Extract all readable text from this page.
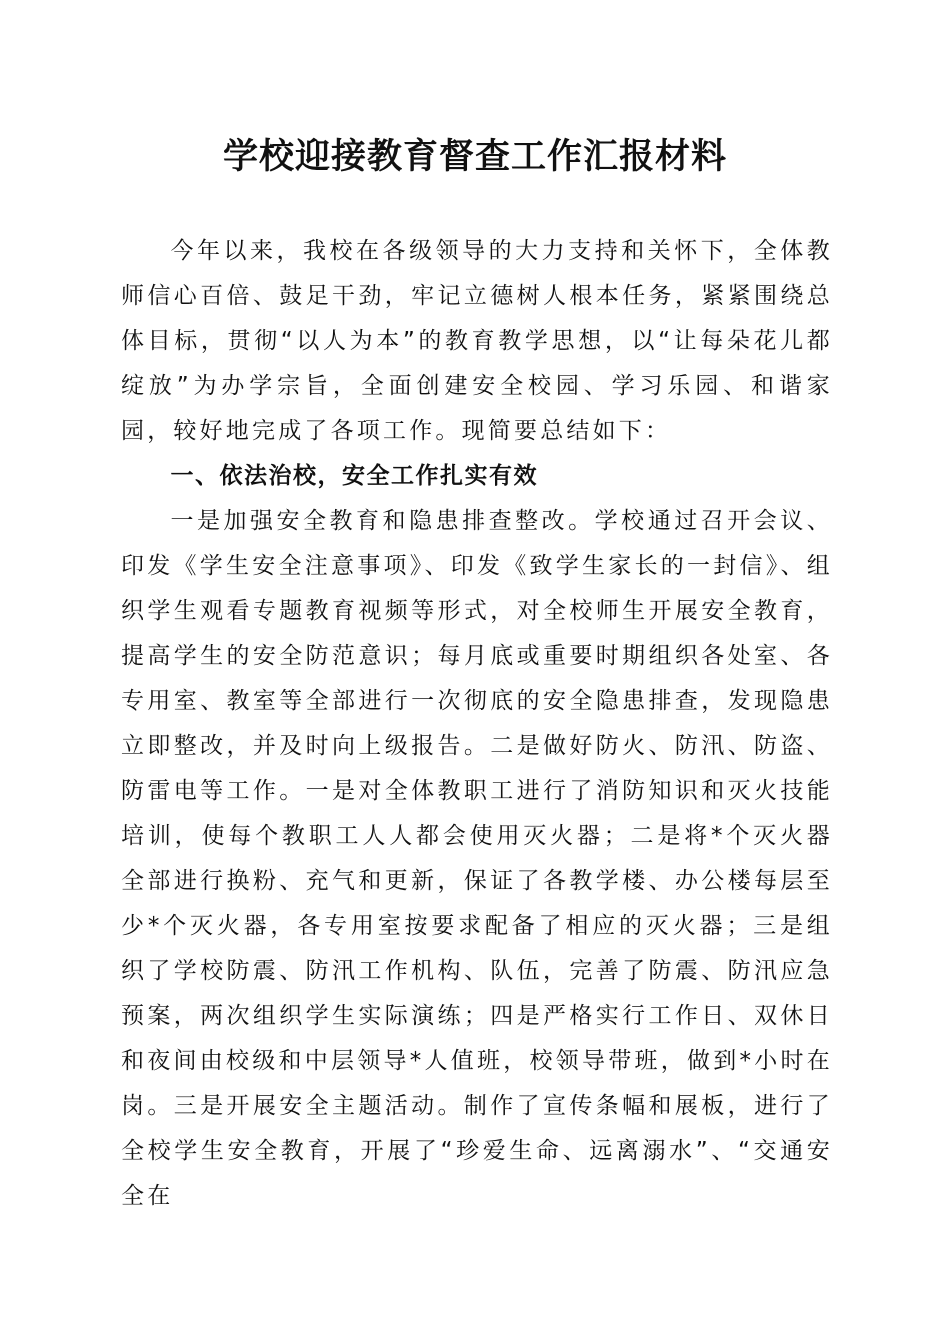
学校迎接教育督查工作汇报材料

今年以来，我校在各级领导的大力支持和关怀下，全体教师信心百倍、鼓足干劲，牢记立德树人根本任务，紧紧围绕总体目标，贯彻“以人为本”的教育教学思想，以“让每朵花儿都绽放”为办学宗旨，全面创建安全校园、学习乐园、和谐家园，较好地完成了各项工作。现简要总结如下：

一、依法治校，安全工作扎实有效

一是加强安全教育和隐患排查整改。学校通过召开会议、印发《学生安全注意事项》、印发《致学生家长的一封信》、组织学生观看专题教育视频等形式，对全校师生开展安全教育，提高学生的安全防范意识；每月底或重要时期组织各处室、各专用室、教室等全部进行一次彻底的安全隐患排查，发现隐患立即整改，并及时向上级报告。二是做好防火、防汛、防盗、防雷电等工作。一是对全体教职工进行了消防知识和灭火技能培训，使每个教职工人人都会使用灭火器；二是将*个灭火器全部进行换粉、充气和更新，保证了各教学楼、办公楼每层至少*个灭火器，各专用室按要求配备了相应的灭火器；三是组织了学校防震、防汛工作机构、队伍，完善了防震、防汛应急预案，两次组织学生实际演练；四是严格实行工作日、双休日和夜间由校级和中层领导*人值班，校领导带班，做到*小时在岗。三是开展安全主题活动。制作了宣传条幅和展板，进行了全校学生安全教育，开展了“珍爱生命、远离溺水”、“交通安全在
